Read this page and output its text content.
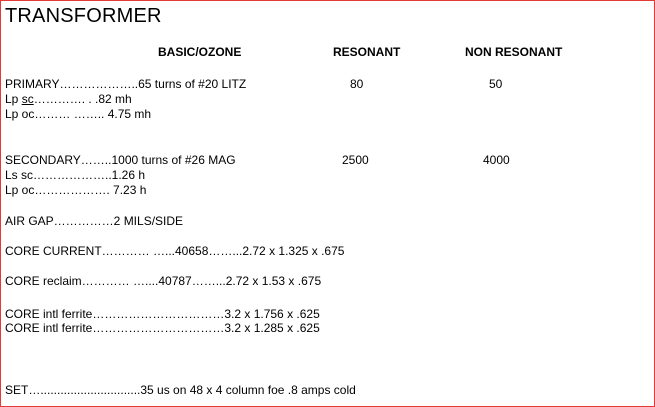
TRANSFORMER
BASIC/OZONE	RESONANT	NON RESONANT
PRIMARY………………..65 turns of #20 LITZ	80	50
Lp sc…………. . .82 mh
Lp oc……… …….. 4.75 mh
SECONDARY……..1000 turns of #26 MAG	2500	4000
Ls sc………………..1.26 h
Lp oc………………. 7.23 h
AIR GAP……………2 MILS/SIDE
CORE CURRENT………… …...40658……...2.72 x 1.325 x .675
CORE reclaim………… …....40787……...2.72 x 1.53 x .675
CORE intl ferrite……………………………3.2 x 1.756 x .625
CORE intl ferrite……………………………3.2 x 1.285 x .625
SET…..............................35 us on 48 x 4 column foe .8 amps cold
